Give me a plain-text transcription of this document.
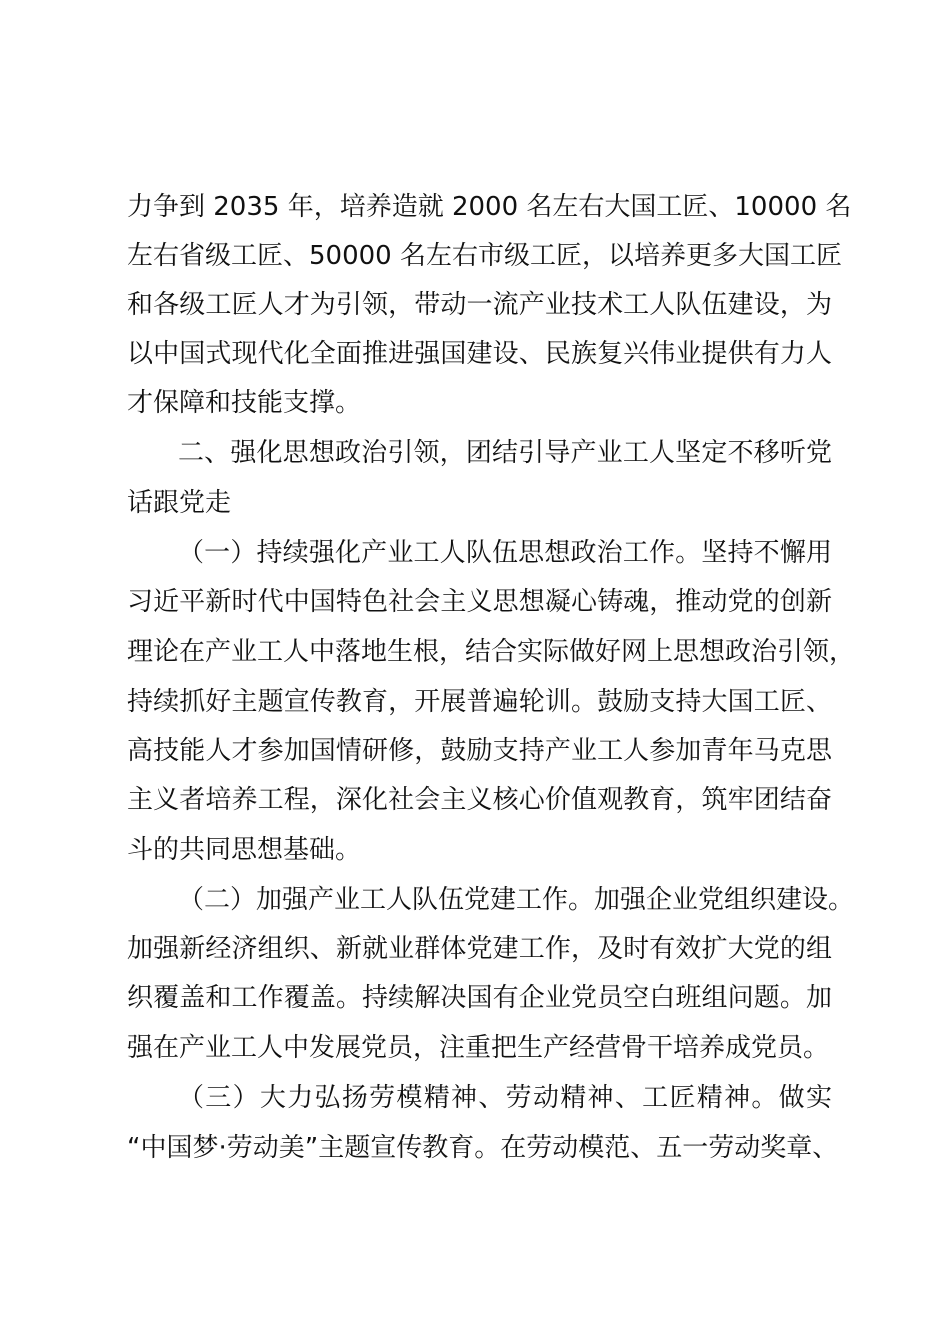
力争到 2035 年，培养造就 2000 名左右大国工匠、10000 名
左右省级工匠、50000 名左右市级工匠，以培养更多大国工匠
和各级工匠人才为引领，带动一流产业技术工人队伍建设，为
以中国式现代化全面推进强国建设、民族复兴伟业提供有力人
才保障和技能支撑。
二、强化思想政治引领，团结引导产业工人坚定不移听党
话跟党走
（一）持续强化产业工人队伍思想政治工作。坚持不懈用
习近平新时代中国特色社会主义思想凝心铸魂，推动党的创新
理论在产业工人中落地生根，结合实际做好网上思想政治引领，
持续抓好主题宣传教育，开展普遍轮训。鼓励支持大国工匠、
高技能人才参加国情研修，鼓励支持产业工人参加青年马克思
主义者培养工程，深化社会主义核心价值观教育，筑牢团结奋
斗的共同思想基础。
（二）加强产业工人队伍党建工作。加强企业党组织建设。
加强新经济组织、新就业群体党建工作，及时有效扩大党的组
织覆盖和工作覆盖。持续解决国有企业党员空白班组问题。加
强在产业工人中发展党员，注重把生产经营骨干培养成党员。
（三）大力弘扬劳模精神、劳动精神、工匠精神。做实
“中国梦·劳动美”主题宣传教育。在劳动模范、五一劳动奖章、
